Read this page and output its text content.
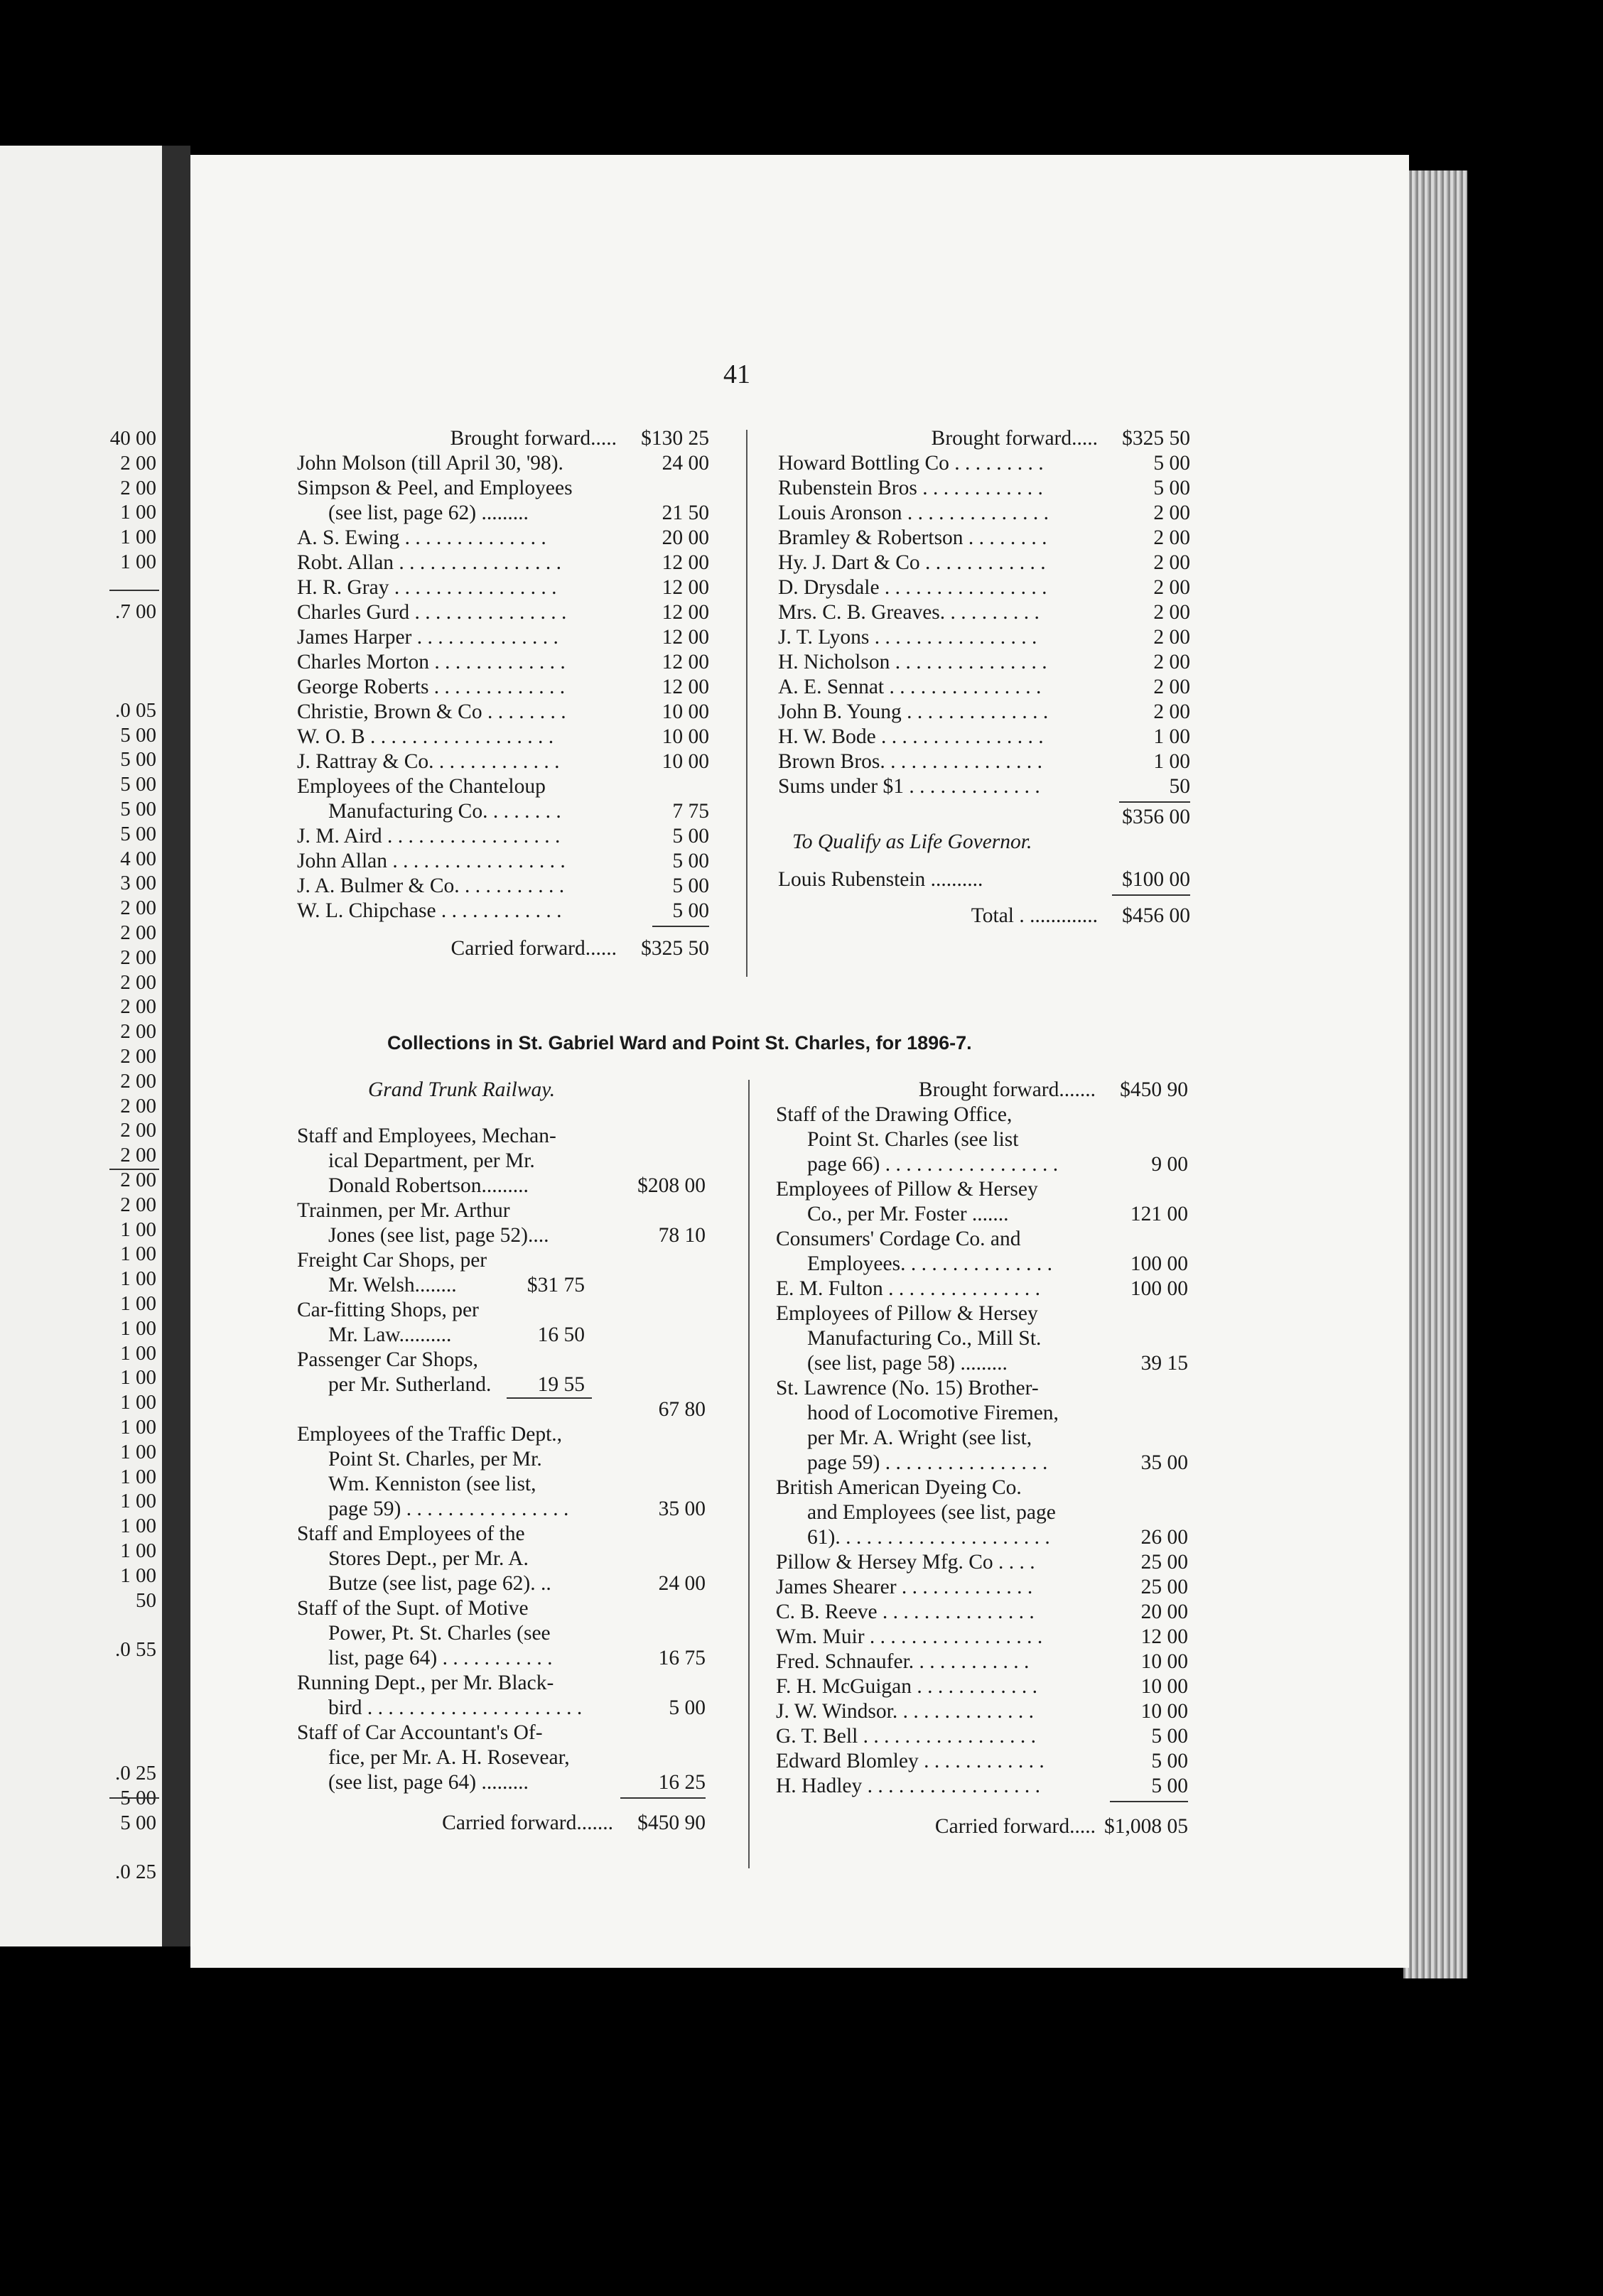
40 00
2 00
2 00
1 00
1 00
1 00
.7 00
.0 05
5 00
5 00
5 00
5 00
5 00
4 00
3 00
2 00
2 00
2 00
2 00
2 00
2 00
2 00
2 00
2 00
2 00
2 00
2 00
2 00
1 00
1 00
1 00
1 00
1 00
1 00
1 00
1 00
1 00
1 00
1 00
1 00
1 00
1 00
1 00
50
.0 55
.0 25
5 00
5 00
.0 25
41
Brought forward.....	$130 25
John Molson (till April 30, '98).	24 00
Simpson & Peel, and Employees
(see list, page 62) .........	21 50
A. S. Ewing . . . . . . . . . . . . . .	20 00
Robt. Allan . . . . . . . . . . . . . . . .	12 00
H. R. Gray . . . . . . . . . . . . . . . .	12 00
Charles Gurd . . . . . . . . . . . . . . .	12 00
James Harper . . . . . . . . . . . . . .	12 00
Charles Morton . . . . . . . . . . . . .	12 00
George Roberts . . . . . . . . . . . . .	12 00
Christie, Brown & Co . . . . . . . .	10 00
W. O. B . . . . . . . . . . . . . . . . . .	10 00
J. Rattray & Co. . . . . . . . . . . . .	10 00
Employees of the Chanteloup
Manufacturing Co. . . . . . . .	7 75
J. M. Aird . . . . . . . . . . . . . . . . .	5 00
John Allan . . . . . . . . . . . . . . . . .	5 00
J. A. Bulmer & Co. . . . . . . . . . .	5 00
W. L. Chipchase . . . . . . . . . . . .	5 00
Carried forward......	$325 50
Brought forward.....	$325 50
Howard Bottling Co . . . . . . . . .	5 00
Rubenstein Bros . . . . . . . . . . . .	5 00
Louis Aronson . . . . . . . . . . . . . .	2 00
Bramley & Robertson . . . . . . . .	2 00
Hy. J. Dart & Co . . . . . . . . . . . .	2 00
D. Drysdale . . . . . . . . . . . . . . . .	2 00
Mrs. C. B. Greaves. . . . . . . . . .	2 00
J. T. Lyons . . . . . . . . . . . . . . . .	2 00
H. Nicholson . . . . . . . . . . . . . . .	2 00
A. E. Sennat . . . . . . . . . . . . . . .	2 00
John B. Young . . . . . . . . . . . . . .	2 00
H. W. Bode . . . . . . . . . . . . . . . .	1 00
Brown Bros. . . . . . . . . . . . . . . .	1 00
Sums under $1 . . . . . . . . . . . . .	50
$356 00
To Qualify as Life Governor.
Louis Rubenstein ..........	$100 00
Total . .............	$456 00
Collections in St. Gabriel Ward and Point St. Charles, for 1896-7.
Grand Trunk Railway.
Staff and Employees, Mechan-
ical Department, per Mr.
Donald Robertson.........	$208 00
Trainmen, per Mr. Arthur
Jones (see list, page 52)....	78 10
Freight Car Shops, per
Mr. Welsh........	$31 75
Car-fitting Shops, per
Mr. Law..........	16 50
Passenger Car Shops,
per Mr. Sutherland.	19 55
67 80
Employees of the Traffic Dept.,
Point St. Charles, per Mr.
Wm. Kenniston (see list,
page 59) . . . . . . . . . . . . . . . .	35 00
Staff and Employees of the
Stores Dept., per Mr. A.
Butze (see list, page 62). ..	24 00
Staff of the Supt. of Motive
Power, Pt. St. Charles (see
list, page 64) . . . . . . . . . . .	16 75
Running Dept., per Mr. Black-
bird . . . . . . . . . . . . . . . . . . . . .	5 00
Staff of Car Accountant's Of-
fice, per Mr. A. H. Rosevear,
(see list, page 64) .........	16 25
Carried forward.......	$450 90
Brought forward.......	$450 90
Staff of the Drawing Office,
Point St. Charles (see list
page 66) . . . . . . . . . . . . . . . . .	9 00
Employees of Pillow & Hersey
Co., per Mr. Foster .......	121 00
Consumers' Cordage Co. and
Employees. . . . . . . . . . . . . . .	100 00
E. M. Fulton . . . . . . . . . . . . . . .	100 00
Employees of Pillow & Hersey
Manufacturing Co., Mill St.
(see list, page 58) .........	39 15
St. Lawrence (No. 15) Brother-
hood of Locomotive Firemen,
per Mr. A. Wright (see list,
page 59) . . . . . . . . . . . . . . . .	35 00
British American Dyeing Co.
and Employees (see list, page
61). . . . . . . . . . . . . . . . . . . . .	26 00
Pillow & Hersey Mfg. Co . . . .	25 00
James Shearer . . . . . . . . . . . . .	25 00
C. B. Reeve . . . . . . . . . . . . . . .	20 00
Wm. Muir . . . . . . . . . . . . . . . . .	12 00
Fred. Schnaufer. . . . . . . . . . . .	10 00
F. H. McGuigan . . . . . . . . . . . .	10 00
J. W. Windsor. . . . . . . . . . . . . .	10 00
G. T. Bell . . . . . . . . . . . . . . . . .	5 00
Edward Blomley . . . . . . . . . . . .	5 00
H. Hadley . . . . . . . . . . . . . . . . .	5 00
Carried forward..... $1,008 05
